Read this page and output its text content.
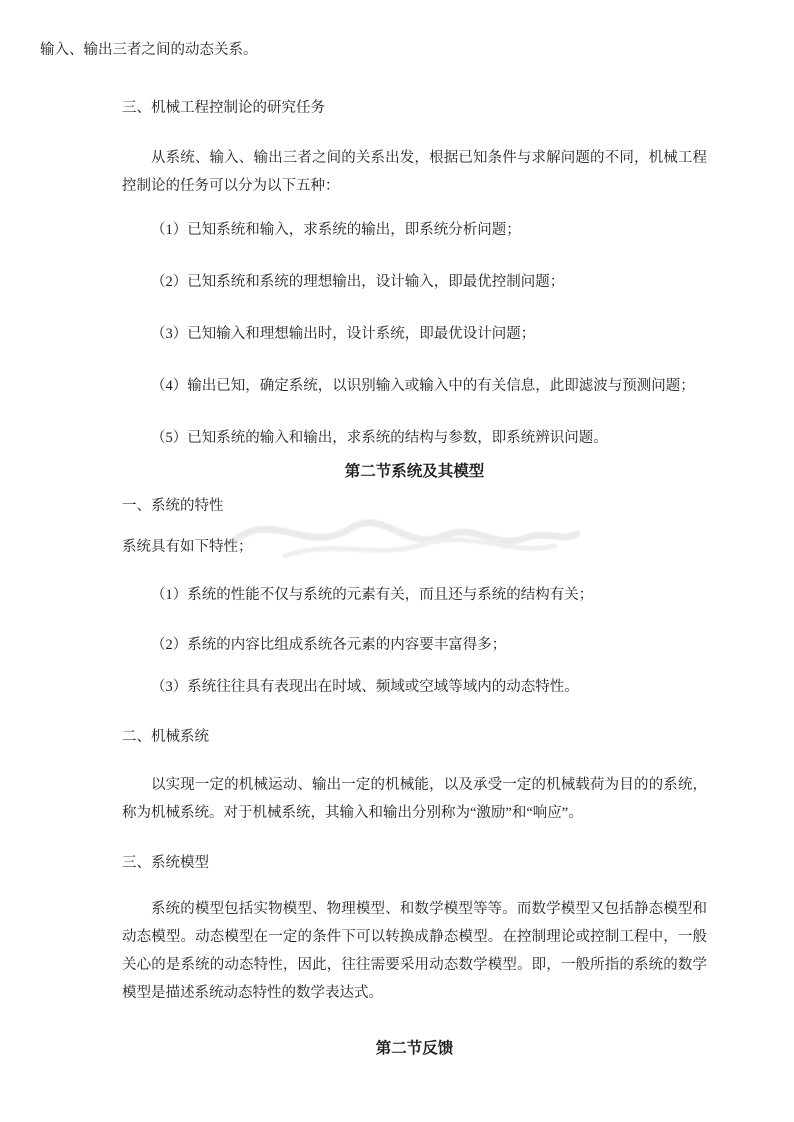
输入、输出三者之间的动态关系。

三、机械工程控制论的研究任务

从系统、输入、输出三者之间的关系出发，根据已知条件与求解问题的不同，机械工程控制论的任务可以分为以下五种：

（1）已知系统和输入，求系统的输出，即系统分析问题；

（2）已知系统和系统的理想输出，设计输入，即最优控制问题；

（3）已知输入和理想输出时，设计系统，即最优设计问题；

（4）输出已知，确定系统，以识别输入或输入中的有关信息，此即滤波与预测问题；

（5）已知系统的输入和输出，求系统的结构与参数，即系统辨识问题。

第二节系统及其模型
一、系统的特性

系统具有如下特性；

（1）系统的性能不仅与系统的元素有关，而且还与系统的结构有关；

（2）系统的内容比组成系统各元素的内容要丰富得多；

（3）系统往往具有表现出在时域、频域或空域等域内的动态特性。

二、机械系统

以实现一定的机械运动、输出一定的机械能，以及承受一定的机械载荷为目的的系统，称为机械系统。对于机械系统，其输入和输出分别称为“激励”和“响应”。

三、系统模型

系统的模型包括实物模型、物理模型、和数学模型等等。而数学模型又包括静态模型和动态模型。动态模型在一定的条件下可以转换成静态模型。在控制理论或控制工程中，一般关心的是系统的动态特性，因此，往往需要采用动态数学模型。即，一般所指的系统的数学模型是描述系统动态特性的数学表达式。

第二节反馈
